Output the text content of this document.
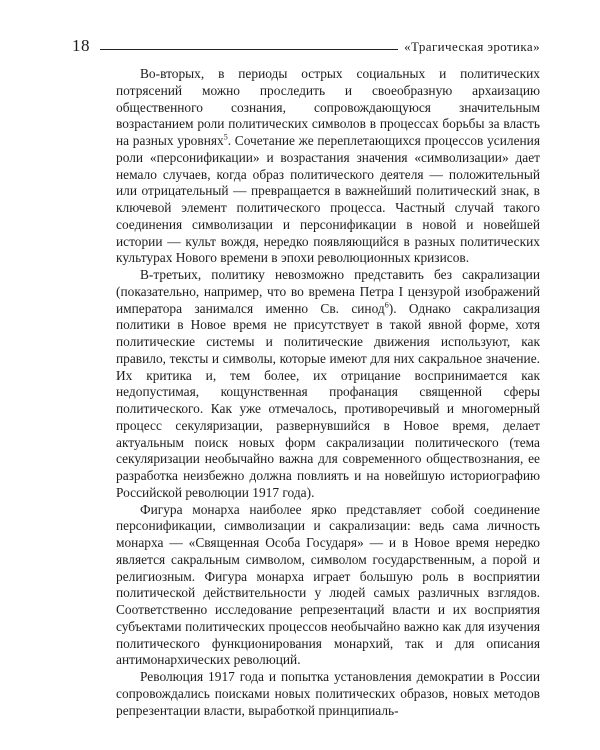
18	«Трагическая эротика»

Во-вторых, в периоды острых социальных и политических потрясений можно проследить и своеобразную архаизацию общественного сознания, сопровождающуюся значительным возрастанием роли политических символов в процессах борьбы за власть на разных уровнях$^5$. Сочетание же переплетающихся процессов усиления роли «персонификации» и возрастания значения «символизации» дает немало случаев, когда образ политического деятеля — положительный или отрицательный — превращается в важнейший политический знак, в ключевой элемент политического процесса. Частный случай такого соединения символизации и персонификации в новой и новейшей истории — культ вождя, нередко появляющийся в разных политических культурах Нового времени в эпохи революционных кризисов.

В-третьих, политику невозможно представить без сакрализации (показательно, например, что во времена Петра I цензурой изображений императора занимался именно Св. синод$^6$). Однако сакрализация политики в Новое время не присутствует в такой явной форме, хотя политические системы и политические движения используют, как правило, тексты и символы, которые имеют для них сакральное значение. Их критика и, тем более, их отрицание воспринимается как недопустимая, кощунственная профанация священной сферы политического. Как уже отмечалось, противоречивый и многомерный процесс секуляризации, развернувшийся в Новое время, делает актуальным поиск новых форм сакрализации политического (тема секуляризации необычайно важна для современного обществознания, ее разработка неизбежно должна повлиять и на новейшую историографию Российской революции 1917 года).

Фигура монарха наиболее ярко представляет собой соединение персонификации, символизации и сакрализации: ведь сама личность монарха — «Священная Особа Государя» — и в Новое время нередко является сакральным символом, символом государственным, а порой и религиозным. Фигура монарха играет большую роль в восприятии политической действительности у людей самых различных взглядов. Соответственно исследование репрезентаций власти и их восприятия субъектами политических процессов необычайно важно как для изучения политического функционирования монархий, так и для описания антимонархических революций.

Революция 1917 года и попытка установления демократии в России сопровождались поисками новых политических образов, новых методов репрезентации власти, выработкой принципиаль-
